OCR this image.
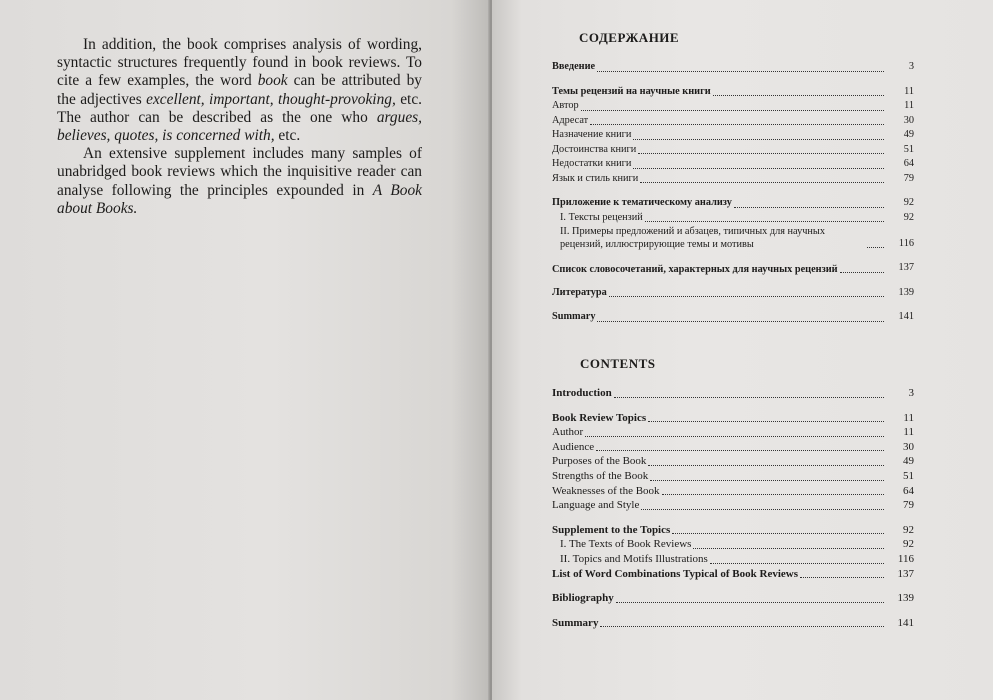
In addition, the book comprises analysis of wording, syntactic structures frequently found in book reviews. To cite a few examples, the word book can be attributed by the adjectives excellent, important, thought-provoking, etc. The author can be described as the one who argues, believes, quotes, is concerned with, etc.

An extensive supplement includes many samples of unabridged book reviews which the inquisitive reader can analyse following the principles expounded in A Book about Books.

СОДЕРЖАНИЕ
Введение	3
Темы рецензий на научные книги	11
Автор	11
Адресат	30
Назначение книги	49
Достоинства книги	51
Недостатки книги	64
Язык и стиль книги	79
Приложение к тематическому анализу	92
I. Тексты рецензий	92
II. Примеры предложений и абзацев, типичных для научных рецензий, иллюстрирующие темы и мотивы	116
Список словосочетаний, характерных для научных рецензий	137
Литература	139
Summary	141
CONTENTS
Introduction	3
Book Review Topics	11
Author	11
Audience	30
Purposes of the Book	49
Strengths of the Book	51
Weaknesses of the Book	64
Language and Style	79
Supplement to the Topics	92
I. The Texts of Book Reviews	92
II. Topics and Motifs Illustrations	116
List of Word Combinations Typical of Book Reviews	137
Bibliography	139
Summary	141
